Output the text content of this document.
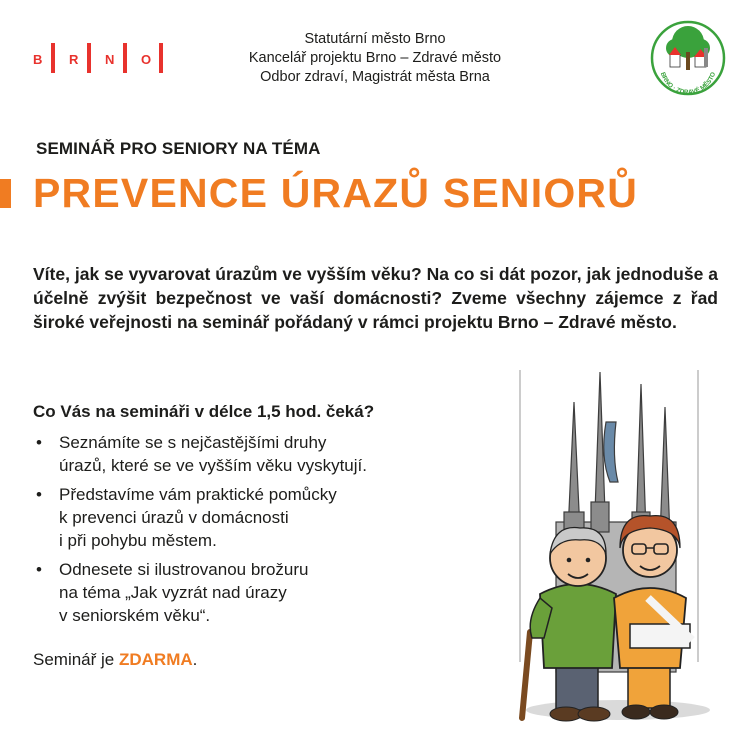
B R N O
Statutární město Brno
Kancelář projektu Brno – Zdravé město
Odbor zdraví, Magistrát města Brna	BRNO · ZDRAVÉ MĚSTO
SEMINÁŘ PRO SENIORY NA TÉMA
PREVENCE ÚRAZŮ SENIORŮ
Víte, jak se vyvarovat úrazům ve vyšším věku? Na co si dát pozor, jak jednoduše a účelně zvýšit bezpečnost ve vaší domácnosti? Zveme všechny zájemce z řad široké veřejnosti na seminář pořádaný v rámci projektu Brno – Zdravé město.
Co Vás na semináři v délce 1,5 hod. čeká?
• Seznámíte se s nejčastějšími druhy
úrazů, které se ve vyšším věku vyskytují.
• Představíme vám praktické pomůcky
k prevenci úrazů v domácnosti
i při pohybu městem.
• Odnesete si ilustrovanou brožuru
na téma „Jak vyzrát nad úrazy
v seniorském věku“.
Seminář je ZDARMA.
